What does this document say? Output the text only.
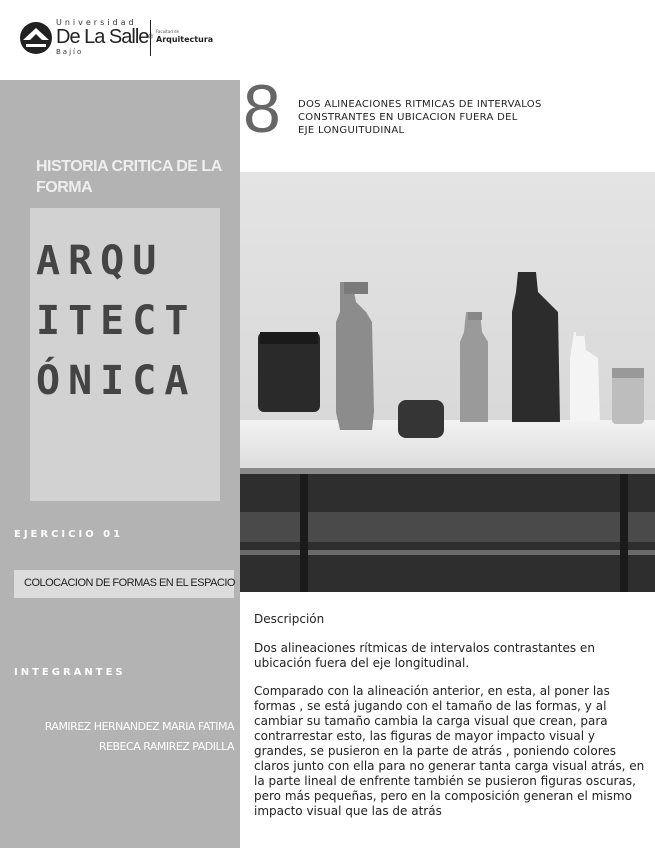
Universidad
De La Salle
Bajío
Facultad de
Arquitectura
HISTORIA CRITICA DE LA FORMA
ARQU
ITECT
ÓNICA
EJERCICIO 01
COLOCACION DE FORMAS EN EL ESPACIO
INTEGRANTES
RAMIREZ HERNANDEZ MARIA FATIMA
REBECA RAMIREZ PADILLA
8 DOS ALINEACIONES RITMICAS DE INTERVALOS
CONSTRANTES EN UBICACION FUERA DEL
EJE LONGUITUDINAL
Descripción

Dos alineaciones rítmicas de intervalos contrastantes en ubicación fuera del eje longitudinal.

Comparado con la alineación anterior, en esta, al poner las formas , se está jugando con el tamaño de las formas, y al cambiar su tamaño cambia la carga visual que crean, para contrarrestar esto, las figuras de mayor impacto visual y grandes, se pusieron en la parte de atrás , poniendo colores claros junto con ella para no generar tanta carga visual atrás, en la parte lineal de enfrente también se pusieron figuras oscuras, pero más pequeñas, pero en la composición generan el mismo impacto visual que las de atrás
